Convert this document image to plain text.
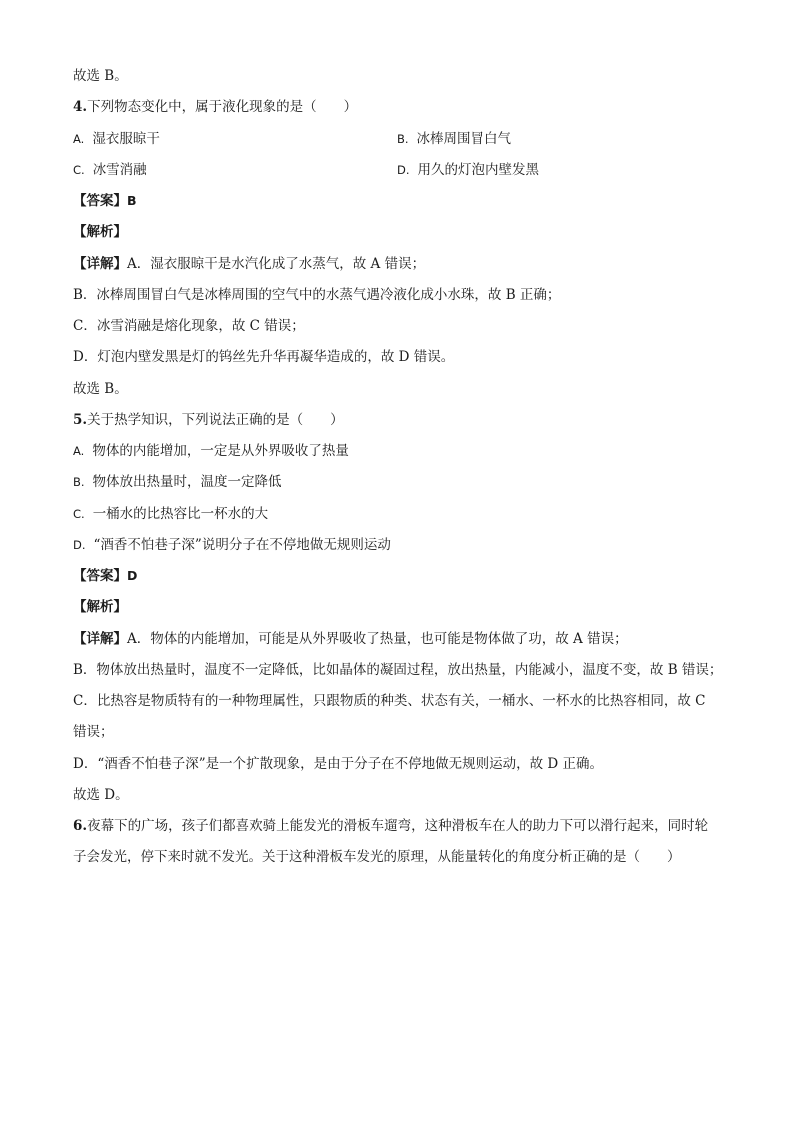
故选 B。
4.下列物态变化中，属于液化现象的是（　　）
A. 湿衣服晾干	B. 冰棒周围冒白气
C. 冰雪消融	D. 用久的灯泡内壁发黑
【答案】B
【解析】
【详解】A．湿衣服晾干是水汽化成了水蒸气，故 A 错误；
B．冰棒周围冒白气是冰棒周围的空气中的水蒸气遇冷液化成小水珠，故 B 正确；
C．冰雪消融是熔化现象，故 C 错误；
D．灯泡内壁发黑是灯的钨丝先升华再凝华造成的，故 D 错误。
故选 B。
5.关于热学知识，下列说法正确的是（　　）
A. 物体的内能增加，一定是从外界吸收了热量
B. 物体放出热量时，温度一定降低
C. 一桶水的比热容比一杯水的大
D. “酒香不怕巷子深”说明分子在不停地做无规则运动
【答案】D
【解析】
【详解】A．物体的内能增加，可能是从外界吸收了热量，也可能是物体做了功，故 A 错误；
B．物体放出热量时，温度不一定降低，比如晶体的凝固过程，放出热量，内能减小，温度不变，故 B 错误；
C．比热容是物质特有的一种物理属性，只跟物质的种类、状态有关，一桶水、一杯水的比热容相同，故 C
错误；
D．“酒香不怕巷子深”是一个扩散现象，是由于分子在不停地做无规则运动，故 D 正确。
故选 D。
6.夜幕下的广场，孩子们都喜欢骑上能发光的滑板车遛弯，这种滑板车在人的助力下可以滑行起来，同时轮
子会发光，停下来时就不发光。关于这种滑板车发光的原理，从能量转化的角度分析正确的是（　　）
